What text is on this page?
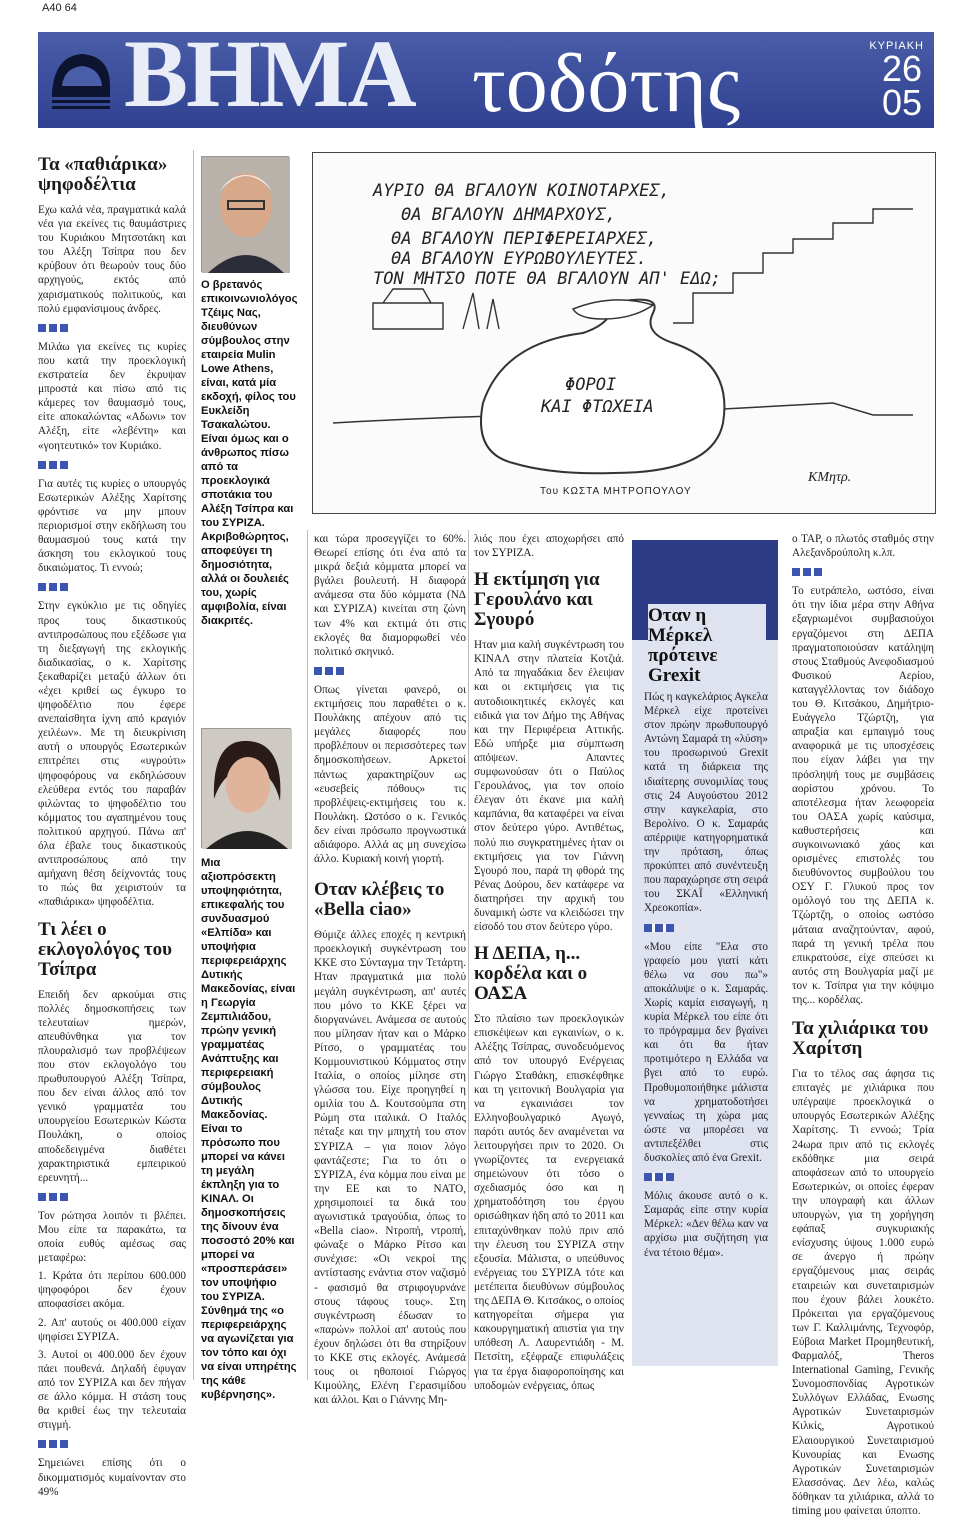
Α40 64
ΒΗΜΑ τοδότης	ΚΥΡΙΑΚΗ
26
05
Τα «παθιάρικα» ψηφοδέλτια

Εχω καλά νέα, πραγματικά καλά νέα για εκείνες τις θαυμάστριες του Κυριάκου Μητσοτάκη και του Αλέξη Τσίπρα που δεν κρύβουν ότι θεωρούν τους δύο αρχηγούς, εκτός από χαρισματικούς πολιτικούς, και πολύ εμφανίσιμους άνδρες.

Μιλάω για εκείνες τις κυρίες που κατά την προεκλογική εκστρατεία δεν έκρυψαν μπροστά και πίσω από τις κάμερες τον θαυμασμό τους, είτε αποκαλώντας «Αδωνι» τον Αλέξη, είτε «λεβέντη» και «γοητευτικό» τον Κυριάκο.

Για αυτές τις κυρίες ο υπουργός Εσωτερικών Αλέξης Χαρίτσης φρόντισε να μην μπουν περιορισμοί στην εκδήλωση του θαυμασμού τους κατά την άσκηση του εκλογικού τους δικαιώματος. Τι εννοώ;

Στην εγκύκλιο με τις οδηγίες προς τους δικαστικούς αντιπροσώπους που εξέδωσε για τη διεξαγωγή της εκλογικής διαδικασίας, ο κ. Χαρίτσης ξεκαθαρίζει μεταξύ άλλων ότι «έχει κριθεί ως έγκυρο το ψηφοδέλτιο που έφερε ανεπαίσθητα ίχνη από κραγιόν χειλέων». Με τη διευκρίνιση αυτή ο υπουργός Εσωτερικών επιτρέπει στις «υγρούτι» ψηφοφόρους να εκδηλώσουν ελεύθερα εντός του παραβάν φιλώντας το ψηφοδέλτιο του κόμματος του αγαπημένου τους πολιτικού αρχηγού. Πάνω απ' όλα έβαλε τους δικαστικούς αντιπροσώπους από την αμήχανη θέση δείχνοντάς τους το πώς θα χειριστούν τα «παθιάρικα» ψηφοδέλτια.

Τι λέει ο εκλογολόγος του Τσίπρα

Επειδή δεν αρκούμαι στις πολλές δημοσκοπήσεις των τελευταίων ημερών, απευθύνθηκα για τον πλουραλισμό των προβλέψεων που στον εκλογολόγο του πρωθυπουργού Αλέξη Τσίπρα, που δεν είναι άλλος από τον γενικό γραμματέα του υπουργείου Εσωτερικών Κώστα Πουλάκη, ο οποίος αποδεδειγμένα διαθέτει χαρακτηριστικά εμπειρικού ερευνητή...

Τον ρώτησα λοιπόν τι βλέπει. Μου είπε τα παρακάτω, τα οποία ευθύς αμέσως σας μεταφέρω:

1. Κράτα ότι περίπου 600.000 ψηφοφόροι δεν έχουν αποφασίσει ακόμα.

2. Απ' αυτούς οι 400.000 είχαν ψηφίσει ΣΥΡΙΖΑ.

3. Αυτοί οι 400.000 δεν έχουν πάει πουθενά. Δηλαδή έφυγαν από τον ΣΥΡΙΖΑ και δεν πήγαν σε άλλο κόμμα. Η στάση τους θα κριθεί έως την τελευταία στιγμή.

Σημειώνει επίσης ότι ο δικομματισμός κυμαίνονταν στο 49%

Ο βρετανός επικοινωνιολόγος Τζέιμς Νας, διευθύνων σύμβουλος στην εταιρεία Mulin Lowe Athens, είναι, κατά μία εκδοχή, φίλος του Ευκλείδη Τσακαλώτου. Είναι όμως και ο άνθρωπος πίσω από τα προεκλογικά σποτάκια του Αλέξη Τσίπρα και του ΣΥΡΙΖΑ. Ακριβοθώρητος, αποφεύγει τη δημοσιότητα, αλλά οι δουλειές του, χωρίς αμφιβολία, είναι διακριτές.
Μια αξιοπρόσεκτη υποψηφιότητα, επικεφαλής του συνδυασμού «Ελπίδα» και υποψήφια περιφερειάρχης Δυτικής Μακεδονίας, είναι η Γεωργία Ζεμπιλιάδου, πρώην γενική γραμματέας Ανάπτυξης και περιφερειακή σύμβουλος Δυτικής Μακεδονίας. Είναι το πρόσωπο που μπορεί να κάνει τη μεγάλη έκπληξη για το ΚΙΝΑΛ. Οι δημοσκοπήσεις της δίνουν ένα ποσοστό 20% και μπορεί να «προσπεράσει» τον υποψήφιο του ΣΥΡΙΖΑ. Σύνθημά της «ο περιφερειάρχης να αγωνίζεται για τον τόπο και όχι να είναι υπηρέτης της κάθε κυβέρνησης».
ΑΥΡΙΟ ΘΑ ΒΓΑΛΟΥΝ ΚΟΙΝΟΤΑΡΧΕΣ,
ΘΑ ΒΓΑΛΟΥΝ ΔΗΜΑΡΧΟΥΣ,
ΘΑ ΒΓΑΛΟΥΝ ΠΕΡΙΦΕΡΕΙΑΡΧΕΣ,
ΘΑ ΒΓΑΛΟΥΝ ΕΥΡΩΒΟΥΛΕΥΤΕΣ.
ΤΟΝ ΜΗΤΣΟ ΠΟΤΕ ΘΑ ΒΓΑΛΟΥΝ ΑΠ' ΕΔΩ;
ΦΟΡΟΙ
ΚΑΙ ΦΤΩΧΕΙΑ
ΚΜητρ.
Του ΚΩΣΤΑ ΜΗΤΡΟΠΟΥΛΟΥ

και τώρα προσεγγίζει το 60%. Θεωρεί επίσης ότι ένα από τα μικρά δεξιά κόμματα μπορεί να βγάλει βουλευτή. Η διαφορά ανάμεσα στα δύο κόμματα (ΝΔ και ΣΥΡΙΖΑ) κινείται στη ζώνη των 4% και εκτιμά ότι στις εκλογές θα διαμορφωθεί νέο πολιτικό σκηνικό.

Οπως γίνεται φανερό, οι εκτιμήσεις που παραθέτει ο κ. Πουλάκης απέχουν από τις μεγάλες διαφορές που προβλέπουν οι περισσότερες των δημοσκοπήσεων. Αρκετοί πάντως χαρακτηρίζουν ως «ευσεβείς πόθους» τις προβλέψεις-εκτιμήσεις του κ. Πουλάκη. Ωστόσο ο κ. Γενικός δεν είναι πρόσωπο προγνωστικά αδιάφορο. Αλλά ας μη συνεχίσω άλλο. Κυριακή κοινή γιορτή.

Οταν κλέβεις το «Bella ciao»

Θύμιζε άλλες εποχές η κεντρική προεκλογική συγκέντρωση του ΚΚΕ στο Σύνταγμα την Τετάρτη. Ηταν πραγματικά μια πολύ μεγάλη συγκέντρωση, απ' αυτές που μόνο το ΚΚΕ ξέρει να διοργανώνει. Ανάμεσα σε αυτούς που μίλησαν ήταν και ο Μάρκο Ρίτσο, ο γραμματέας του Κομμουνιστικού Κόμματος στην Ιταλία, ο οποίος μίλησε στη γλώσσα του. Είχε προηγηθεί η ομιλία του Δ. Κουτσούμπα στη Ρώμη στα ιταλικά. Ο Ιταλός πέταξε και την μπηχτή του στον ΣΥΡΙΖΑ – για ποιον λόγο φαντάζεστε; Για το ότι ο ΣΥΡΙΖΑ, ένα κόμμα που είναι με την ΕΕ και το ΝΑΤΟ, χρησιμοποιεί τα δικά του αγωνιστικά τραγούδια, όπως το «Bella ciao». Ντροπή, ντροπή, φώναξε ο Μάρκο Ρίτσο και συνέχισε: «Οι νεκροί της αντίστασης ενάντια στον ναζισμό - φασισμό θα στριφογυρνάνε στους τάφους τους». Στη συγκέντρωση έδωσαν το «παρών» πολλοί απ' αυτούς που έχουν δηλώσει ότι θα στηρίξουν το ΚΚΕ στις εκλογές. Ανάμεσά τους οι ηθοποιοί Γιώργος Κιμούλης, Ελένη Γερασιμίδου και άλλοι. Και ο Γιάννης Μη-

λιός που έχει αποχωρήσει από τον ΣΥΡΙΖΑ.

Η εκτίμηση για Γερουλάνο και Σγουρό

Ηταν μια καλή συγκέντρωση του ΚΙΝΑΛ στην πλατεία Κοτζιά. Από τα πηγαδάκια δεν έλειψαν και οι εκτιμήσεις για τις αυτοδιοικητικές εκλογές και ειδικά για τον Δήμο της Αθήνας και την Περιφέρεια Αττικής. Εδώ υπήρξε μια σύμπτωση απόψεων. Απαντες συμφωνούσαν ότι ο Παύλος Γερουλάνος, για τον οποίο έλεγαν ότι έκανε μια καλή καμπάνια, θα καταφέρει να είναι στον δεύτερο γύρο. Αντιθέτως, πολύ πιο συγκρατημένες ήταν οι εκτιμήσεις για τον Γιάννη Σγουρό που, παρά τη φθορά της Ρένας Δούρου, δεν κατάφερε να διατηρήσει την αρχική του δυναμική ώστε να κλειδώσει την είσοδό του στον δεύτερο γύρο.

Η ΔΕΠΑ, η... κορδέλα και ο ΟΑΣΑ

Στο πλαίσιο των προεκλογικών επισκέψεων και εγκαινίων, ο κ. Αλέξης Τσίπρας, συνοδευόμενος από τον υπουργό Ενέργειας Γιώργο Σταθάκη, επισκέφθηκε και τη γειτονική Βουλγαρία για να εγκαινιάσει τον Ελληνοβουλγαρικό Αγωγό, παρότι αυτός δεν αναμένεται να λειτουργήσει πριν το 2020. Οι γνωρίζοντες τα ενεργειακά σημειώνουν ότι τόσο ο σχεδιασμός όσο και η χρηματοδότηση του έργου ορισώθηκαν ήδη από το 2011 και επιταχύνθηκαν πολύ πριν από την έλευση του ΣΥΡΙΖΑ στην εξουσία. Μάλιστα, ο υπεύθυνος ενέργειας του ΣΥΡΙΖΑ τότε και μετέπειτα διευθύνων σύμβουλος της ΔΕΠΑ Θ. Κιτσάκος, ο οποίος κατηγορείται σήμερα για κακουργηματική απιστία για την υπόθεση Λ. Λαυρεντιάδη - Μ. Πετσίτη, εξέφραζε επιφυλάξεις για τα έργα διαφοροποίησης και υποδομών ενέργειας, όπως

Οταν η Μέρκελ πρότεινε Grexit

Πώς η καγκελάριος Αγκελα Μέρκελ είχε προτείνει στον πρώην πρωθυπουργό Αντώνη Σαμαρά τη «λύση» του προσωρινού Grexit κατά τη διάρκεια της ιδιαίτερης συνομιλίας τους στις 24 Αυγούστου 2012 στην καγκελαρία, στο Βερολίνο. Ο κ. Σαμαράς απέρριψε κατηγορηματικά την πρόταση, όπως προκύπτει από συνέντευξη που παραχώρησε στη σειρά του ΣΚΑΪ «Ελληνική Χρεοκοπία».

«Μου είπε "Ελα στο γραφείο μου γιατί κάτι θέλω να σου πω"» αποκάλυψε ο κ. Σαμαράς. Χωρίς καμία εισαγωγή, η κυρία Μέρκελ του είπε ότι το πρόγραμμα δεν βγαίνει και ότι θα ήταν προτιμότερο η Ελλάδα να βγει από το ευρώ. Προθυμοποιήθηκε μάλιστα να χρηματοδοτήσει γενναίως τη χώρα μας ώστε να μπορέσει να αντιπεξέλθει στις δυσκολίες από ένα Grexit.

Μόλις άκουσε αυτό ο κ. Σαμαράς είπε στην κυρία Μέρκελ: «Δεν θέλω καν να αρχίσω μια συζήτηση για ένα τέτοιο θέμα».

ο TAP, ο πλωτός σταθμός στην Αλεξανδρούπολη κ.λπ.

Το ευτράπελο, ωστόσο, είναι ότι την ίδια μέρα στην Αθήνα εξαγριωμένοι συμβασιούχοι εργαζόμενοι στη ΔΕΠΑ πραγματοποιούσαν κατάληψη στους Σταθμούς Ανεφοδιασμού Φυσικού Αερίου, καταγγέλλοντας τον διάδοχο του Θ. Κιτσάκου, Δημήτριο-Ευάγγελο Τζώρτζη, για απραξία και εμπαιγμό τους αναφορικά με τις υποσχέσεις που είχαν λάβει για την πρόσληψή τους με συμβάσεις αορίστου χρόνου. Το αποτέλεσμα ήταν λεωφορεία του ΟΑΣΑ χωρίς καύσιμα, καθυστερήσεις και συγκοινωνιακό χάος και ορισμένες επιστολές του διευθύνοντος συμβούλου του ΟΣΥ Γ. Γλυκού προς τον ομόλογό του της ΔΕΠΑ κ. Τζώρτζη, ο οποίος ωστόσο μάταια αναζητούνταν, αφού, παρά τη γενική τρέλα που επικρατούσε, είχε σπεύσει κι αυτός στη Βουλγαρία μαζί με τον κ. Τσίπρα για την κόψιμο της... κορδέλας.

Τα χιλιάρικα του Χαρίτση

Για το τέλος σας άφησα τις επιταγές με χιλιάρικα που υπέγραψε προεκλογικά ο υπουργός Εσωτερικών Αλέξης Χαρίτσης. Τι εννοώ; Τρία 24ωρα πριν από τις εκλογές εκδόθηκε μια σειρά αποφάσεων από το υπουργείο Εσωτερικών, οι οποίες έφεραν την υπογραφή και άλλων υπουργών, για τη χορήγηση εφάπαξ συγκυριακής ενίσχυσης ύψους 1.000 ευρώ σε άνεργο ή πρώην εργαζόμενους μιας σειράς εταιρειών και συνεταιρισμών που έχουν βάλει λουκέτο. Πρόκειται για εργαζόμενους των Γ. Καλλιμάνης, Τεχνοφόρ, Εύβοια Market Προμηθευτική, Φαρμαλόξ, Theros International Gaming, Γενικής Συνομοσπονδίας Αγροτικών Συλλόγων Ελλάδας, Ενωσης Αγροτικών Συνεταιρισμών Κιλκίς, Αγροτικού Ελαιουργικού Συνεταιρισμού Κυνουρίας και Ενωσης Αγροτικών Συνεταιρισμών Ελασσόνας. Δεν λέω, καλώς δόθηκαν τα χιλιάρικα, αλλά το timing μου φαίνεται ύποπτο.
